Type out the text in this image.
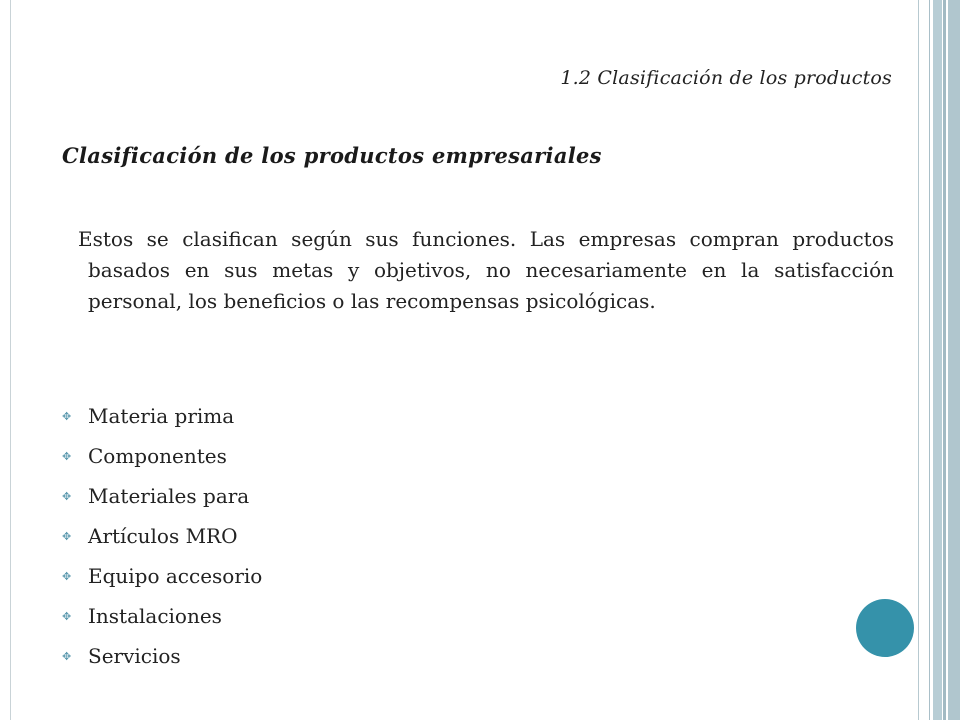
1.2 Clasificación de los productos
Clasificación de los productos empresariales
Estos se clasifican según sus funciones. Las empresas compran productos basados en sus metas y objetivos, no necesariamente en la satisfacción personal, los beneficios o las recompensas psicológicas.
✥ Materia prima
✥ Componentes
✥ Materiales para
✥ Artículos MRO
✥ Equipo accesorio
✥ Instalaciones
✥ Servicios
